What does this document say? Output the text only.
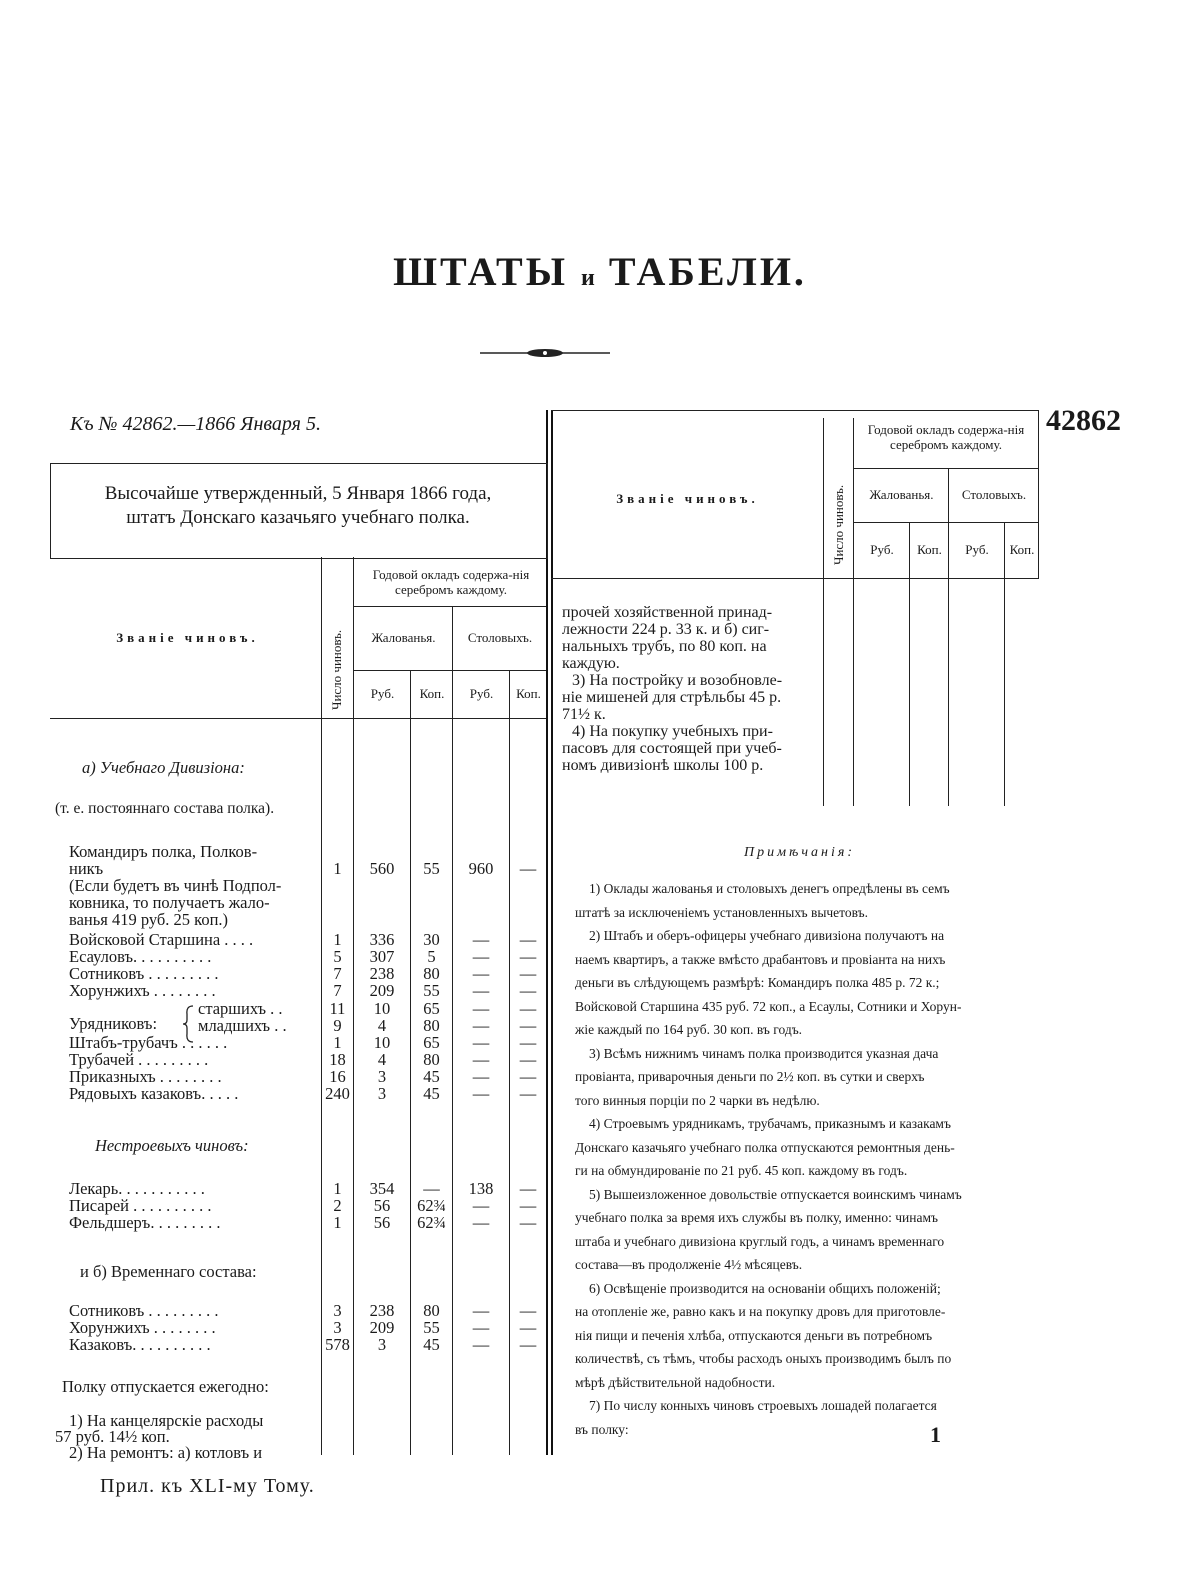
ШТАТЫ и ТАБЕЛИ.
Къ № 42862.—1866 Января 5.	42862
Высочайше утвержденный, 5 Января 1866 года,
штатъ Донскаго казачьяго учебнаго полка.
Званiе чиновъ.	Число чиновъ.
Годовой окладъ содержа-нiя серебромъ каждому.
Жалованья.	Столовыхъ.
Руб.	Коп.	Руб.	Коп.
а) Учебнаго Дивизiона:
(т. е. постояннаго состава полка).
Командиръ полка, Полков-
никъ	1	560	55	960	—
(Если будетъ въ чинѣ Подпол-
ковника, то получаетъ жало-
ванья 419 руб. 25 коп.)
Войсковой Старшина . . . .	1	336	30	—	—
Есауловъ. . . . . . . . . .	5	307	5	—	—
Сотниковъ . . . . . . . . .	7	238	80	—	—
Хорунжихъ . . . . . . . .	7	209	55	—	—
старшихъ . .	11	10	65	—	—
младшихъ . .	9	4	80	—	—
Штабъ-трубачъ . . . . . .	1	10	65	—	—
Трубачей . . . . . . . . .	18	4	80	—	—
Приказныхъ . . . . . . . .	16	3	45	—	—
Рядовыхъ казаковъ. . . . .	240	3	45	—	—
Лекарь. . . . . . . . . . .	1	354	—	138	—
Писарей . . . . . . . . . .	2	56	62¾	—	—
Фельдшеръ. . . . . . . . .	1	56	62¾	—	—
Сотниковъ . . . . . . . . .	3	238	80	—	—
Хорунжихъ . . . . . . . .	3	209	55	—	—
Казаковъ. . . . . . . . . .	578	3	45	—	—
Урядниковъ:
Нестроевыхъ чиновъ:
и б) Временнаго состава:
Полку отпускается ежегодно:
1) На канцелярскiе расходы
57 руб. 14½ коп.
2) На ремонтъ: а) котловъ и
Званiе чиновъ.	Число чиновъ.
Годовой окладъ содержа-нiя серебромъ каждому.
Жалованья.	Столовыхъ.
Руб.	Коп.	Руб.	Коп.
прочей хозяйственной принад-
лежности 224 р. 33 к. и б) сиг-
нальныхъ трубъ, по 80 коп. на
каждую.
3) На постройку и возобновле-
нiе мишеней для стрѣльбы 45 р.
71½ к.
4) На покупку учебныхъ при-
пасовъ для состоящей при учеб-
номъ дивизiонѣ школы 100 р.
Примѣчанiя:

1) Оклады жалованья и столовыхъ денегъ опредѣлены въ семъ

штатѣ за исключенiемъ установленныхъ вычетовъ.

2) Штабъ и оберъ-офицеры учебнаго дивизiона получаютъ на

наемъ квартиръ, а также вмѣсто драбантовъ и провiанта на нихъ

деньги въ слѣдующемъ размѣрѣ: Командиръ полка 485 р. 72 к.;

Войсковой Старшина 435 руб. 72 коп., а Есаулы, Сотники и Хорун-

жiе каждый по 164 руб. 30 коп. въ годъ.

3) Всѣмъ нижнимъ чинамъ полка производится указная дача

провiанта, приварочныя деньги по 2½ коп. въ сутки и сверхъ

того винныя порцiи по 2 чарки въ недѣлю.

4) Строевымъ урядникамъ, трубачамъ, приказнымъ и казакамъ

Донскаго казачьяго учебнаго полка отпускаются ремонтныя день-

ги на обмундированiе по 21 руб. 45 коп. каждому въ годъ.

5) Вышеизложенное довольствiе отпускается воинскимъ чинамъ

учебнаго полка за время ихъ службы въ полку, именно: чинамъ

штаба и учебнаго дивизiона круглый годъ, а чинамъ временнаго

состава—въ продолженiе 4½ мѣсяцевъ.

6) Освѣщенiе производится на основанiи общихъ положенiй;

на отопленiе же, равно какъ и на покупку дровъ для приготовле-

нiя пищи и печенiя хлѣба, отпускаются деньги въ потребномъ

количествѣ, съ тѣмъ, чтобы расходъ оныхъ производимъ былъ по

мѣрѣ дѣйствительной надобности.

7) По числу конныхъ чиновъ строевыхъ лошадей полагается

въ полку:

Прил. къ XLI-му Тому.
1
